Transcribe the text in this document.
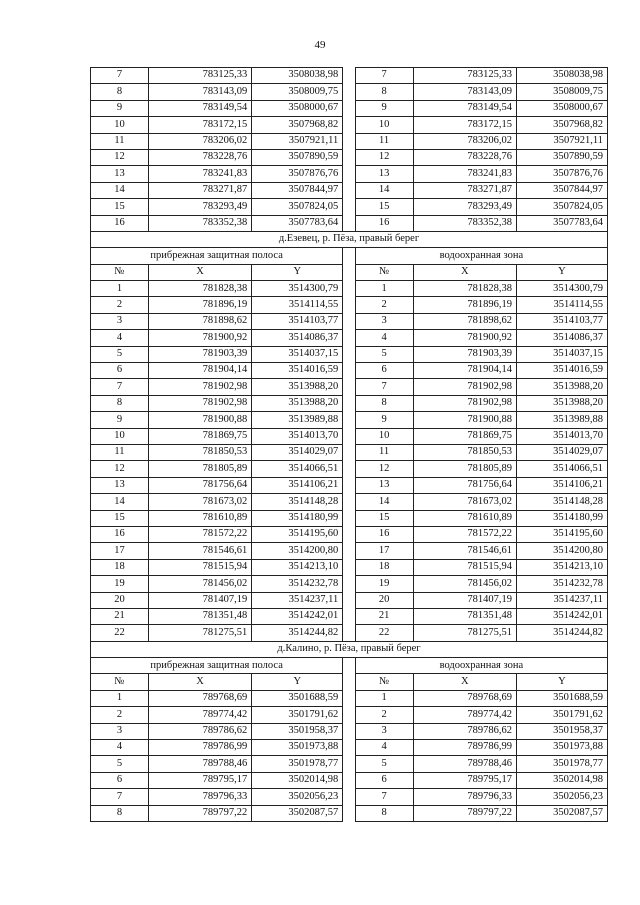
49
7	783125,33	3508038,98		7	783125,33	3508038,98
8	783143,09	3508009,75		8	783143,09	3508009,75
9	783149,54	3508000,67		9	783149,54	3508000,67
10	783172,15	3507968,82		10	783172,15	3507968,82
11	783206,02	3507921,11		11	783206,02	3507921,11
12	783228,76	3507890,59		12	783228,76	3507890,59
13	783241,83	3507876,76		13	783241,83	3507876,76
14	783271,87	3507844,97		14	783271,87	3507844,97
15	783293,49	3507824,05		15	783293,49	3507824,05
16	783352,38	3507783,64		16	783352,38	3507783,64
д.Езевец, р. Пёза, правый берег						
прибрежная защитная полоса				водоохранная зона		
№	X	Y		№	X	Y
1	781828,38	3514300,79		1	781828,38	3514300,79
2	781896,19	3514114,55		2	781896,19	3514114,55
3	781898,62	3514103,77		3	781898,62	3514103,77
4	781900,92	3514086,37		4	781900,92	3514086,37
5	781903,39	3514037,15		5	781903,39	3514037,15
6	781904,14	3514016,59		6	781904,14	3514016,59
7	781902,98	3513988,20		7	781902,98	3513988,20
8	781902,98	3513988,20		8	781902,98	3513988,20
9	781900,88	3513989,88		9	781900,88	3513989,88
10	781869,75	3514013,70		10	781869,75	3514013,70
11	781850,53	3514029,07		11	781850,53	3514029,07
12	781805,89	3514066,51		12	781805,89	3514066,51
13	781756,64	3514106,21		13	781756,64	3514106,21
14	781673,02	3514148,28		14	781673,02	3514148,28
15	781610,89	3514180,99		15	781610,89	3514180,99
16	781572,22	3514195,60		16	781572,22	3514195,60
17	781546,61	3514200,80		17	781546,61	3514200,80
18	781515,94	3514213,10		18	781515,94	3514213,10
19	781456,02	3514232,78		19	781456,02	3514232,78
20	781407,19	3514237,11		20	781407,19	3514237,11
21	781351,48	3514242,01		21	781351,48	3514242,01
22	781275,51	3514244,82		22	781275,51	3514244,82
д.Калино, р. Пёза, правый берег						
прибрежная защитная полоса				водоохранная зона		
№	X	Y		№	X	Y
1	789768,69	3501688,59		1	789768,69	3501688,59
2	789774,42	3501791,62		2	789774,42	3501791,62
3	789786,62	3501958,37		3	789786,62	3501958,37
4	789786,99	3501973,88		4	789786,99	3501973,88
5	789788,46	3501978,77		5	789788,46	3501978,77
6	789795,17	3502014,98		6	789795,17	3502014,98
7	789796,33	3502056,23		7	789796,33	3502056,23
8	789797,22	3502087,57		8	789797,22	3502087,57
